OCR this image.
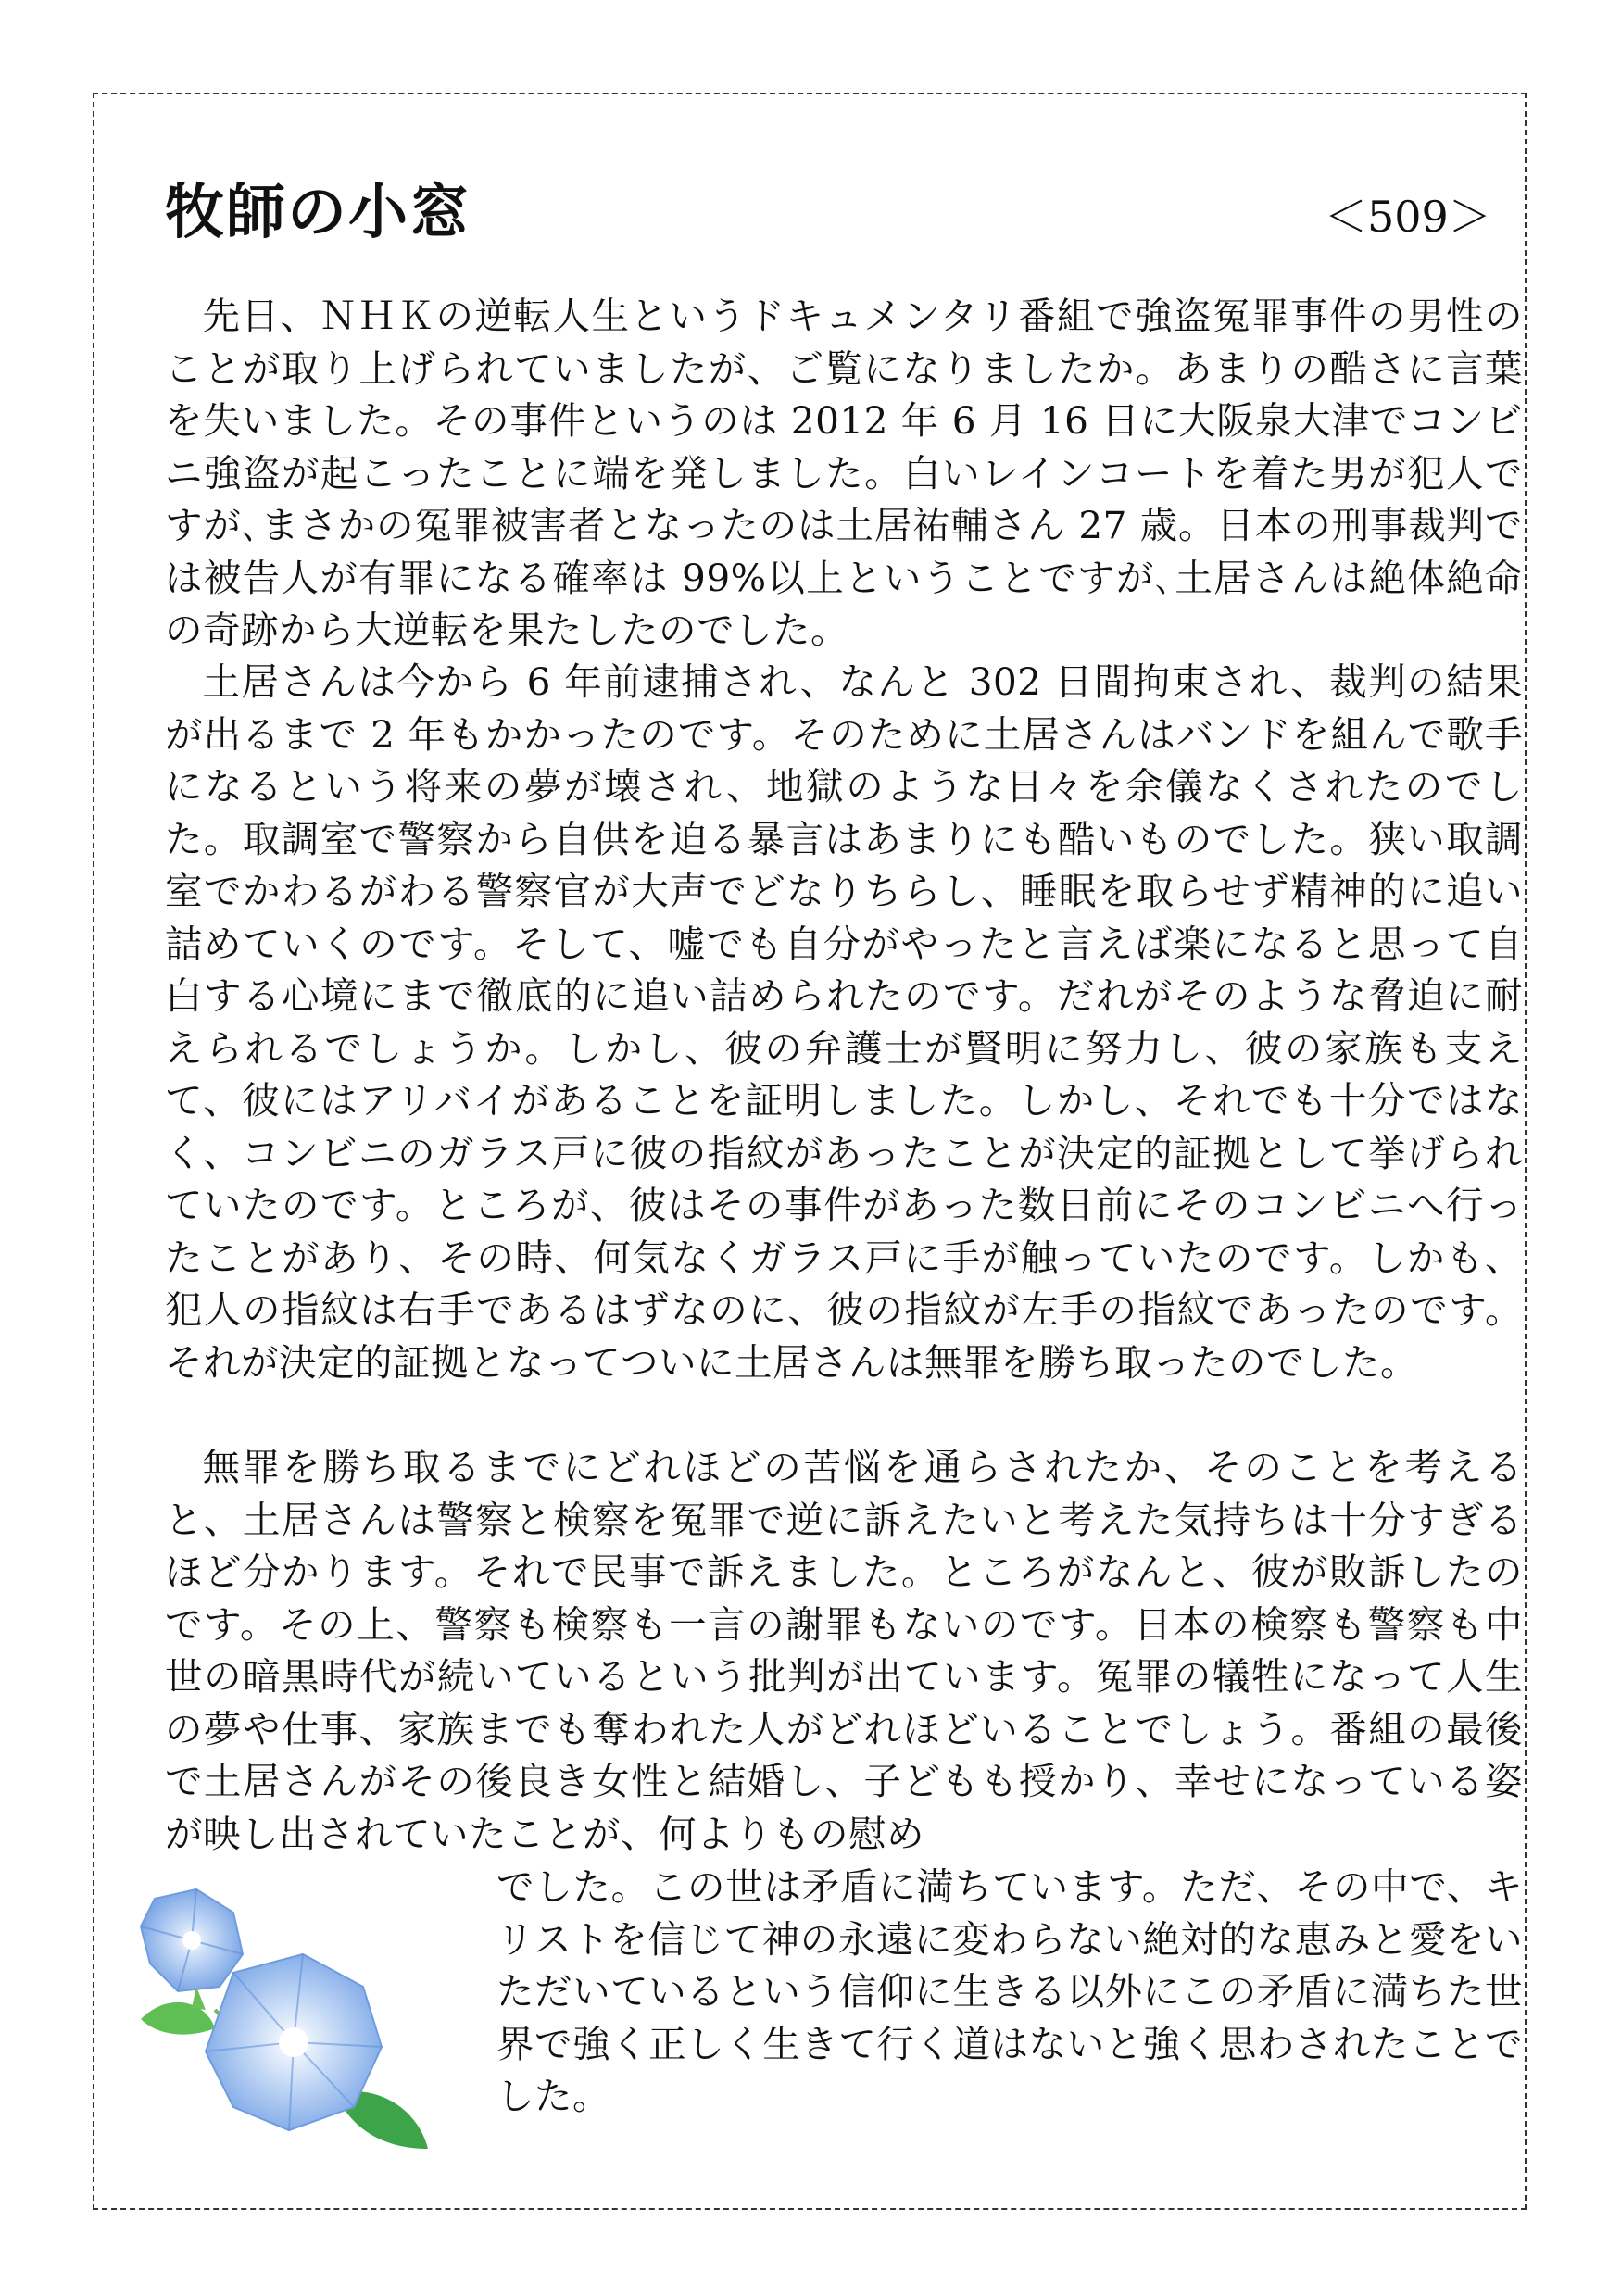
牧師の小窓	＜509＞

先日、ＮＨＫの逆転人生というドキュメンタリ番組で強盗冤罪事件の男性のことが取り上げられていましたが、ご覧になりましたか。あまりの酷さに言葉を失いました。その事件というのは 2012 年 6 月 16 日に大阪泉大津でコンビニ強盗が起こったことに端を発しました。白いレインコートを着た男が犯人ですが､まさかの冤罪被害者となったのは土居祐輔さん 27 歳。日本の刑事裁判では被告人が有罪になる確率は 99%以上ということですが､土居さんは絶体絶命の奇跡から大逆転を果たしたのでした。

土居さんは今から 6 年前逮捕され、なんと 302 日間拘束され、裁判の結果が出るまで 2 年もかかったのです。そのために土居さんはバンドを組んで歌手になるという将来の夢が壊され、地獄のような日々を余儀なくされたのでした。取調室で警察から自供を迫る暴言はあまりにも酷いものでした。狭い取調室でかわるがわる警察官が大声でどなりちらし、睡眠を取らせず精神的に追い詰めていくのです。そして、嘘でも自分がやったと言えば楽になると思って自白する心境にまで徹底的に追い詰められたのです。だれがそのような脅迫に耐えられるでしょうか。しかし、彼の弁護士が賢明に努力し、彼の家族も支えて、彼にはアリバイがあることを証明しました。しかし、それでも十分ではなく、コンビニのガラス戸に彼の指紋があったことが決定的証拠として挙げられていたのです。ところが、彼はその事件があった数日前にそのコンビニへ行ったことがあり、その時、何気なくガラス戸に手が触っていたのです。しかも、犯人の指紋は右手であるはずなのに、彼の指紋が左手の指紋であったのです。それが決定的証拠となってついに土居さんは無罪を勝ち取ったのでした。

無罪を勝ち取るまでにどれほどの苦悩を通らされたか、そのことを考えると、土居さんは警察と検察を冤罪で逆に訴えたいと考えた気持ちは十分すぎるほど分かります。それで民事で訴えました。ところがなんと、彼が敗訴したのです。その上、警察も検察も一言の謝罪もないのです。日本の検察も警察も中世の暗黒時代が続いているという批判が出ています。冤罪の犠牲になって人生の夢や仕事、家族までも奪われた人がどれほどいることでしょう。番組の最後で土居さんがその後良き女性と結婚し、子どもも授かり、幸せになっている姿が映し出されていたことが、何よりもの慰め

でした。この世は矛盾に満ちています。ただ、その中で、キリストを信じて神の永遠に変わらない絶対的な恵みと愛をいただいているという信仰に生きる以外にこの矛盾に満ちた世界で強く正しく生きて行く道はないと強く思わされたことでした。
